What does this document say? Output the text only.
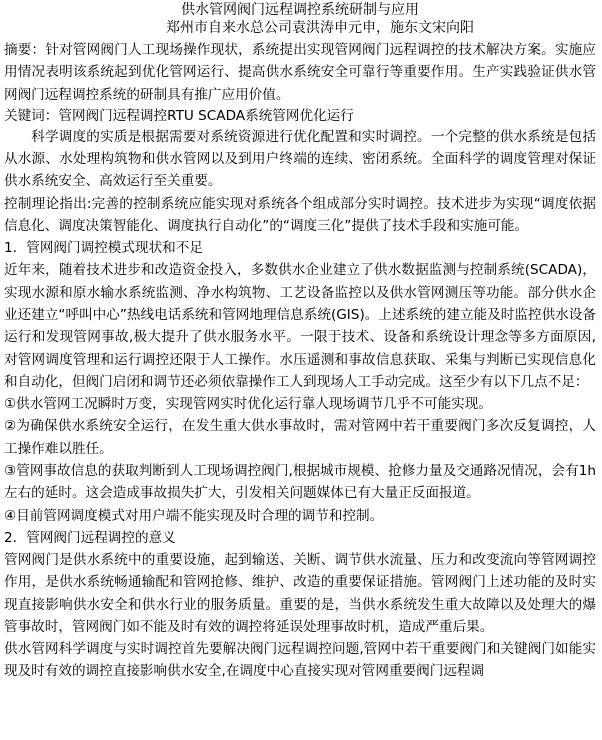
供水管网阀门远程调控系统研制与应用
郑州市自来水总公司袁洪涛申元申，施东文宋向阳

摘要：针对管网阀门人工现场操作现状，系统提出实现管网阀门远程调控的技术解决方案。实施应用情况表明该系统起到优化管网运行、提高供水系统安全可靠行等重要作用。生产实践验证供水管网阀门远程调控系统的研制具有推广应用价值。

关键词：管网阀门远程调控RTU SCADA系统管网优化运行

科学调度的实质是根据需要对系统资源进行优化配置和实时调控。一个完整的供水系统是包括从水源、水处理构筑物和供水管网以及到用户终端的连续、密闭系统。全面科学的调度管理对保证供水系统安全、高效运行至关重要。

控制理论指出:完善的控制系统应能实现对系统各个组成部分实时调控。技术进步为实现“调度依据信息化、调度决策智能化、调度执行自动化”的“调度三化”提供了技术手段和实施可能。

1．管网阀门调控模式现状和不足

近年来，随着技术进步和改造资金投入，多数供水企业建立了供水数据监测与控制系统(SCADA)，实现水源和原水输水系统监测、净水构筑物、工艺设备监控以及供水管网测压等功能。部分供水企业还建立“呼叫中心”热线电话系统和管网地理信息系统(GIS)。上述系统的建立能及时监控供水设备运行和发现管网事故,极大提升了供水服务水平。一限于技术、设备和系统设计理念等多方面原因,对管网调度管理和运行调控还限于人工操作。水压遥测和事故信息获取、采集与判断已实现信息化和自动化，但阀门启闭和调节还必须依靠操作工人到现场人工手动完成。这至少有以下几点不足：

①供水管网工况瞬时万变，实现管网实时优化运行靠人现场调节几乎不可能实现。

②为确保供水系统安全运行，在发生重大供水事故时，需对管网中若干重要阀门多次反复调控，人工操作难以胜任。

③管网事故信息的获取判断到人工现场调控阀门,根据城市规模、抢修力量及交通路况情况，会有1h左右的延时。这会造成事故损失扩大，引发相关问题媒体已有大量正反面报道。

④目前管网调度模式对用户端不能实现及时合理的调节和控制。

2．管网阀门远程调控的意义

管网阀门是供水系统中的重要设施，起到输送、关断、调节供水流量、压力和改变流向等管网调控作用，是供水系统畅通输配和管网抢修、维护、改造的重要保证措施。管网阀门上述功能的及时实现直接影响供水安全和供水行业的服务质量。重要的是，当供水系统发生重大故障以及处理大的爆管事故时，管网阀门如不能及时有效的调控将延误处理事故时机，造成严重后果。

供水管网科学调度与实时调控首先要解决阀门远程调控问题,管网中若干重要阀门和关键阀门如能实现及时有效的调控直接影响供水安全,在调度中心直接实现对管网重要阀门远程调
